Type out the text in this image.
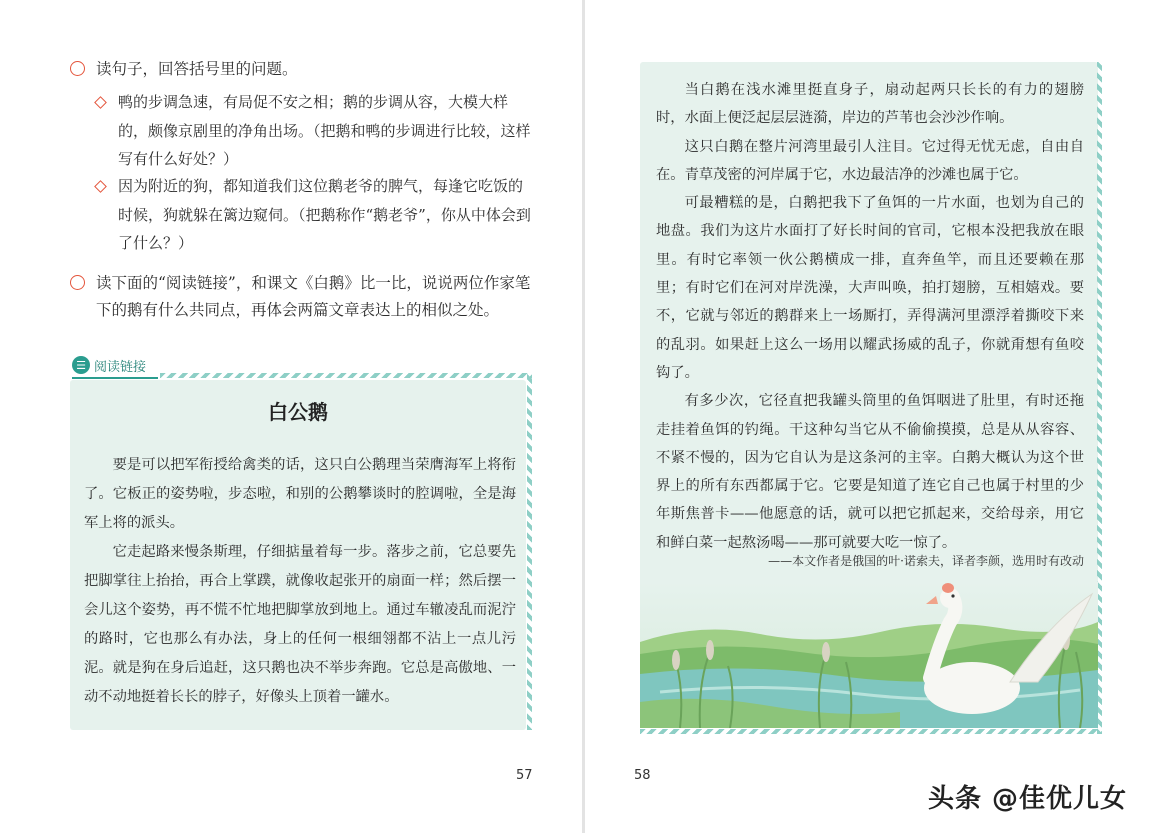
读句子，回答括号里的问题。
鸭的步调急速，有局促不安之相；鹅的步调从容，大模大样的，颇像京剧里的净角出场。（把鹅和鸭的步调进行比较，这样写有什么好处？）
因为附近的狗，都知道我们这位鹅老爷的脾气，每逢它吃饭的时候，狗就躲在篱边窥伺。（把鹅称作“鹅老爷”，你从中体会到了什么？）
读下面的“阅读链接”，和课文《白鹅》比一比，说说两位作家笔下的鹅有什么共同点，再体会两篇文章表达上的相似之处。
☰ 阅读链接
白公鹅

要是可以把军衔授给禽类的话，这只白公鹅理当荣膺海军上将衔了。它板正的姿势啦，步态啦，和别的公鹅攀谈时的腔调啦，全是海军上将的派头。

它走起路来慢条斯理，仔细掂量着每一步。落步之前，它总要先把脚掌往上抬抬，再合上掌蹼，就像收起张开的扇面一样；然后摆一会儿这个姿势，再不慌不忙地把脚掌放到地上。通过车辙凌乱而泥泞的路时，它也那么有办法，身上的任何一根细翎都不沾上一点儿污泥。就是狗在身后追赶，这只鹅也决不举步奔跑。它总是高傲地、一动不动地挺着长长的脖子，好像头上顶着一罐水。

57

当白鹅在浅水滩里挺直身子，扇动起两只长长的有力的翅膀时，水面上便泛起层层涟漪，岸边的芦苇也会沙沙作响。

这只白鹅在整片河湾里最引人注目。它过得无忧无虑，自由自在。青草茂密的河岸属于它，水边最洁净的沙滩也属于它。

可最糟糕的是，白鹅把我下了鱼饵的一片水面，也划为自己的地盘。我们为这片水面打了好长时间的官司，它根本没把我放在眼里。有时它率领一伙公鹅横成一排，直奔鱼竿，而且还要赖在那里；有时它们在河对岸洗澡，大声叫唤，拍打翅膀，互相嬉戏。要不，它就与邻近的鹅群来上一场厮打，弄得满河里漂浮着撕咬下来的乱羽。如果赶上这么一场用以耀武扬威的乱子，你就甭想有鱼咬钩了。

有多少次，它径直把我罐头筒里的鱼饵咽进了肚里，有时还拖走挂着鱼饵的钓绳。干这种勾当它从不偷偷摸摸，总是从从容容、不紧不慢的，因为它自认为是这条河的主宰。白鹅大概认为这个世界上的所有东西都属于它。它要是知道了连它自己也属于村里的少年斯焦普卡——他愿意的话，就可以把它抓起来，交给母亲，用它和鲜白菜一起熬汤喝——那可就要大吃一惊了。

——本文作者是俄国的叶·诺索夫，译者李颜，选用时有改动
58
头条 @佳优儿女
